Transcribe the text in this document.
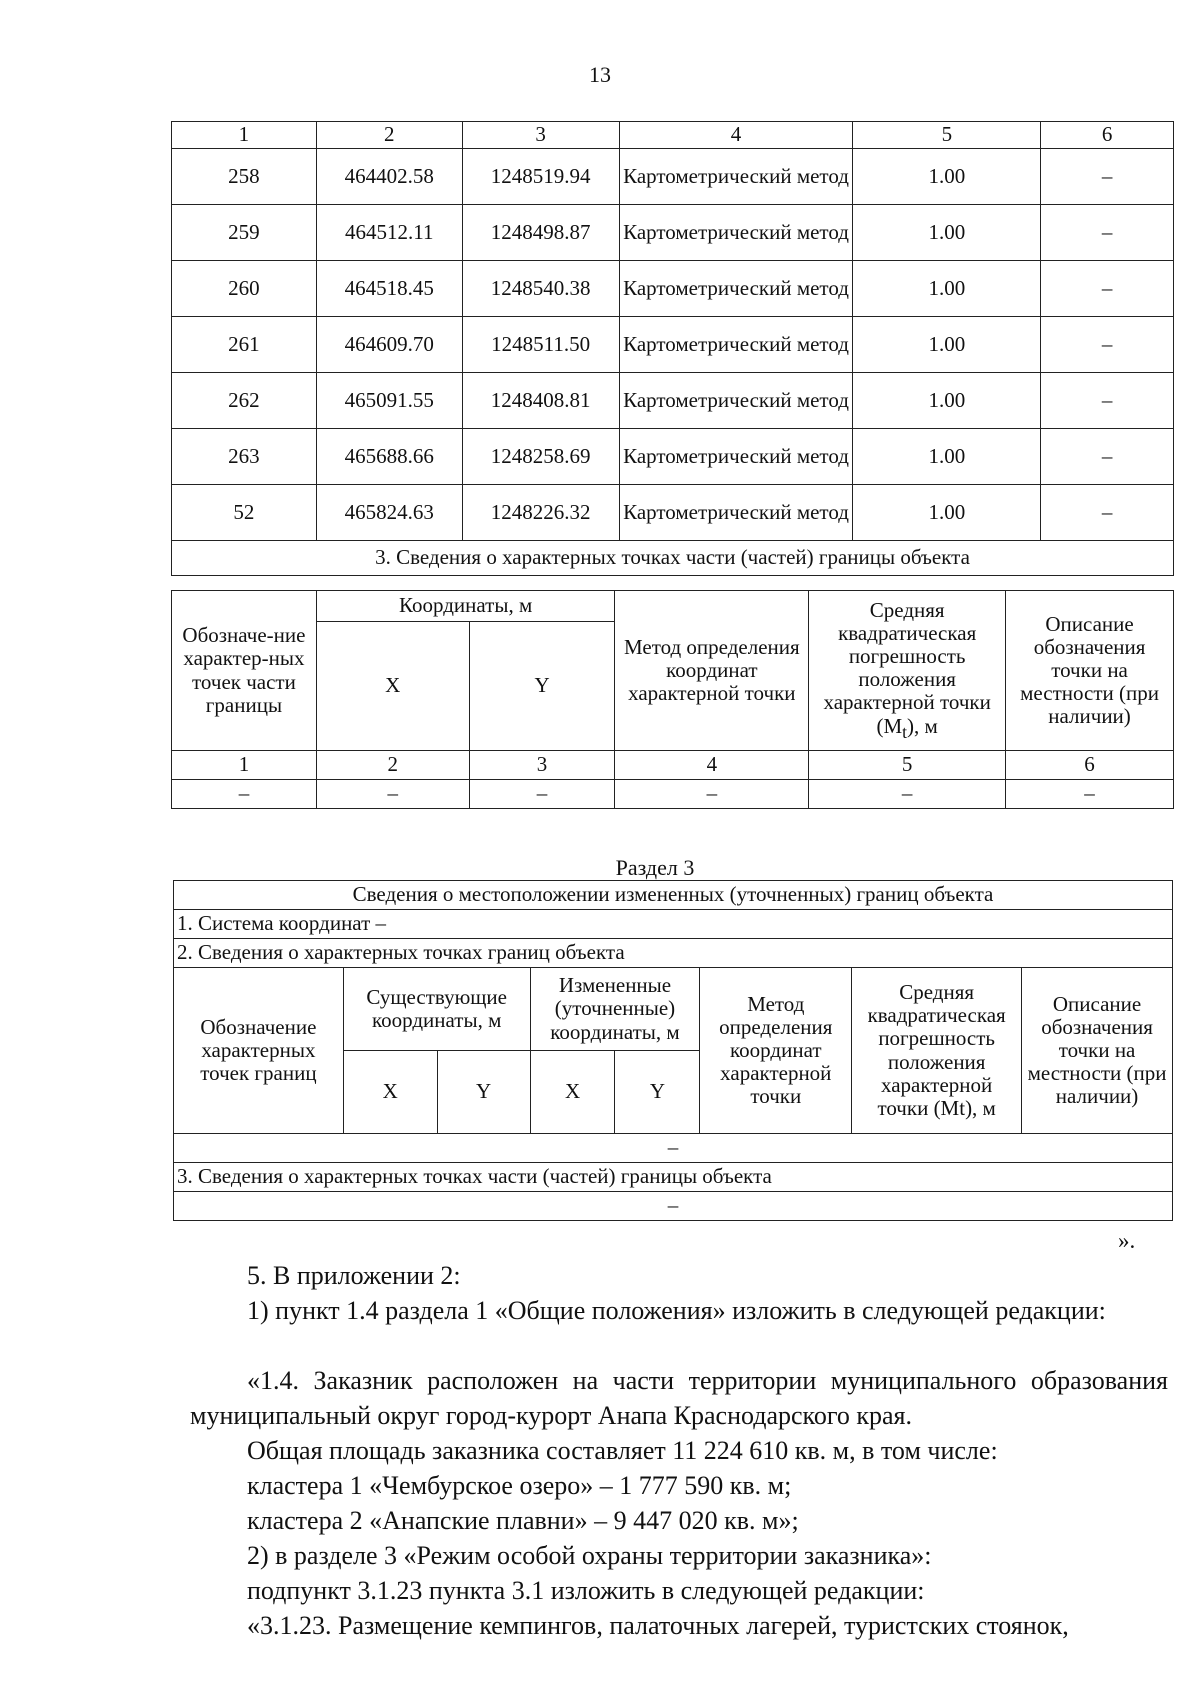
13
1	2	3	4	5	6
258	464402.58	1248519.94	Картометрический метод	1.00	–
259	464512.11	1248498.87	Картометрический метод	1.00	–
260	464518.45	1248540.38	Картометрический метод	1.00	–
261	464609.70	1248511.50	Картометрический метод	1.00	–
262	465091.55	1248408.81	Картометрический метод	1.00	–
263	465688.66	1248258.69	Картометрический метод	1.00	–
52	465824.63	1248226.32	Картометрический метод	1.00	–
3. Сведения о характерных точках части (частей) границы объекта					
Обозначе-ние характер-ных точек части границы	Координаты, м		Метод определения координат характерной точки	Средняя квадратическая погрешность положения характерной точки $(M_t)$, м	Описание обозначения точки на местности (при наличии)
	X	Y			
1	2	3	4	5	6
–	–	–	–	–	–
Раздел 3
Сведения о местоположении измененных (уточненных) границ объекта							
1. Система координат –							
2. Сведения о характерных точках границ объекта							
Обозначение характерных точек границ	Существующие координаты, м		Измененные (уточненные) координаты, м		Метод определения координат характерной точки	Средняя квадратическая погрешность положения характерной точки (Mt), м	Описание обозначения точки на местности (при наличии)
	X	Y	X	Y			
–							
3. Сведения о характерных точках части (частей) границы объекта							
–							
».
5. В приложении 2:
1) пункт 1.4 раздела 1 «Общие положения» изложить в следующей редакции:
«1.4. Заказник расположен на части территории муниципального образования муниципальный округ город-курорт Анапа Краснодарского края.
Общая площадь заказника составляет 11 224 610 кв. м, в том числе:
кластера 1 «Чембурское озеро» – 1 777 590 кв. м;
кластера 2 «Анапские плавни» – 9 447 020 кв. м»;
2) в разделе 3 «Режим особой охраны территории заказника»:
подпункт 3.1.23 пункта 3.1 изложить в следующей редакции:
«3.1.23. Размещение кемпингов, палаточных лагерей, туристских стоянок,
